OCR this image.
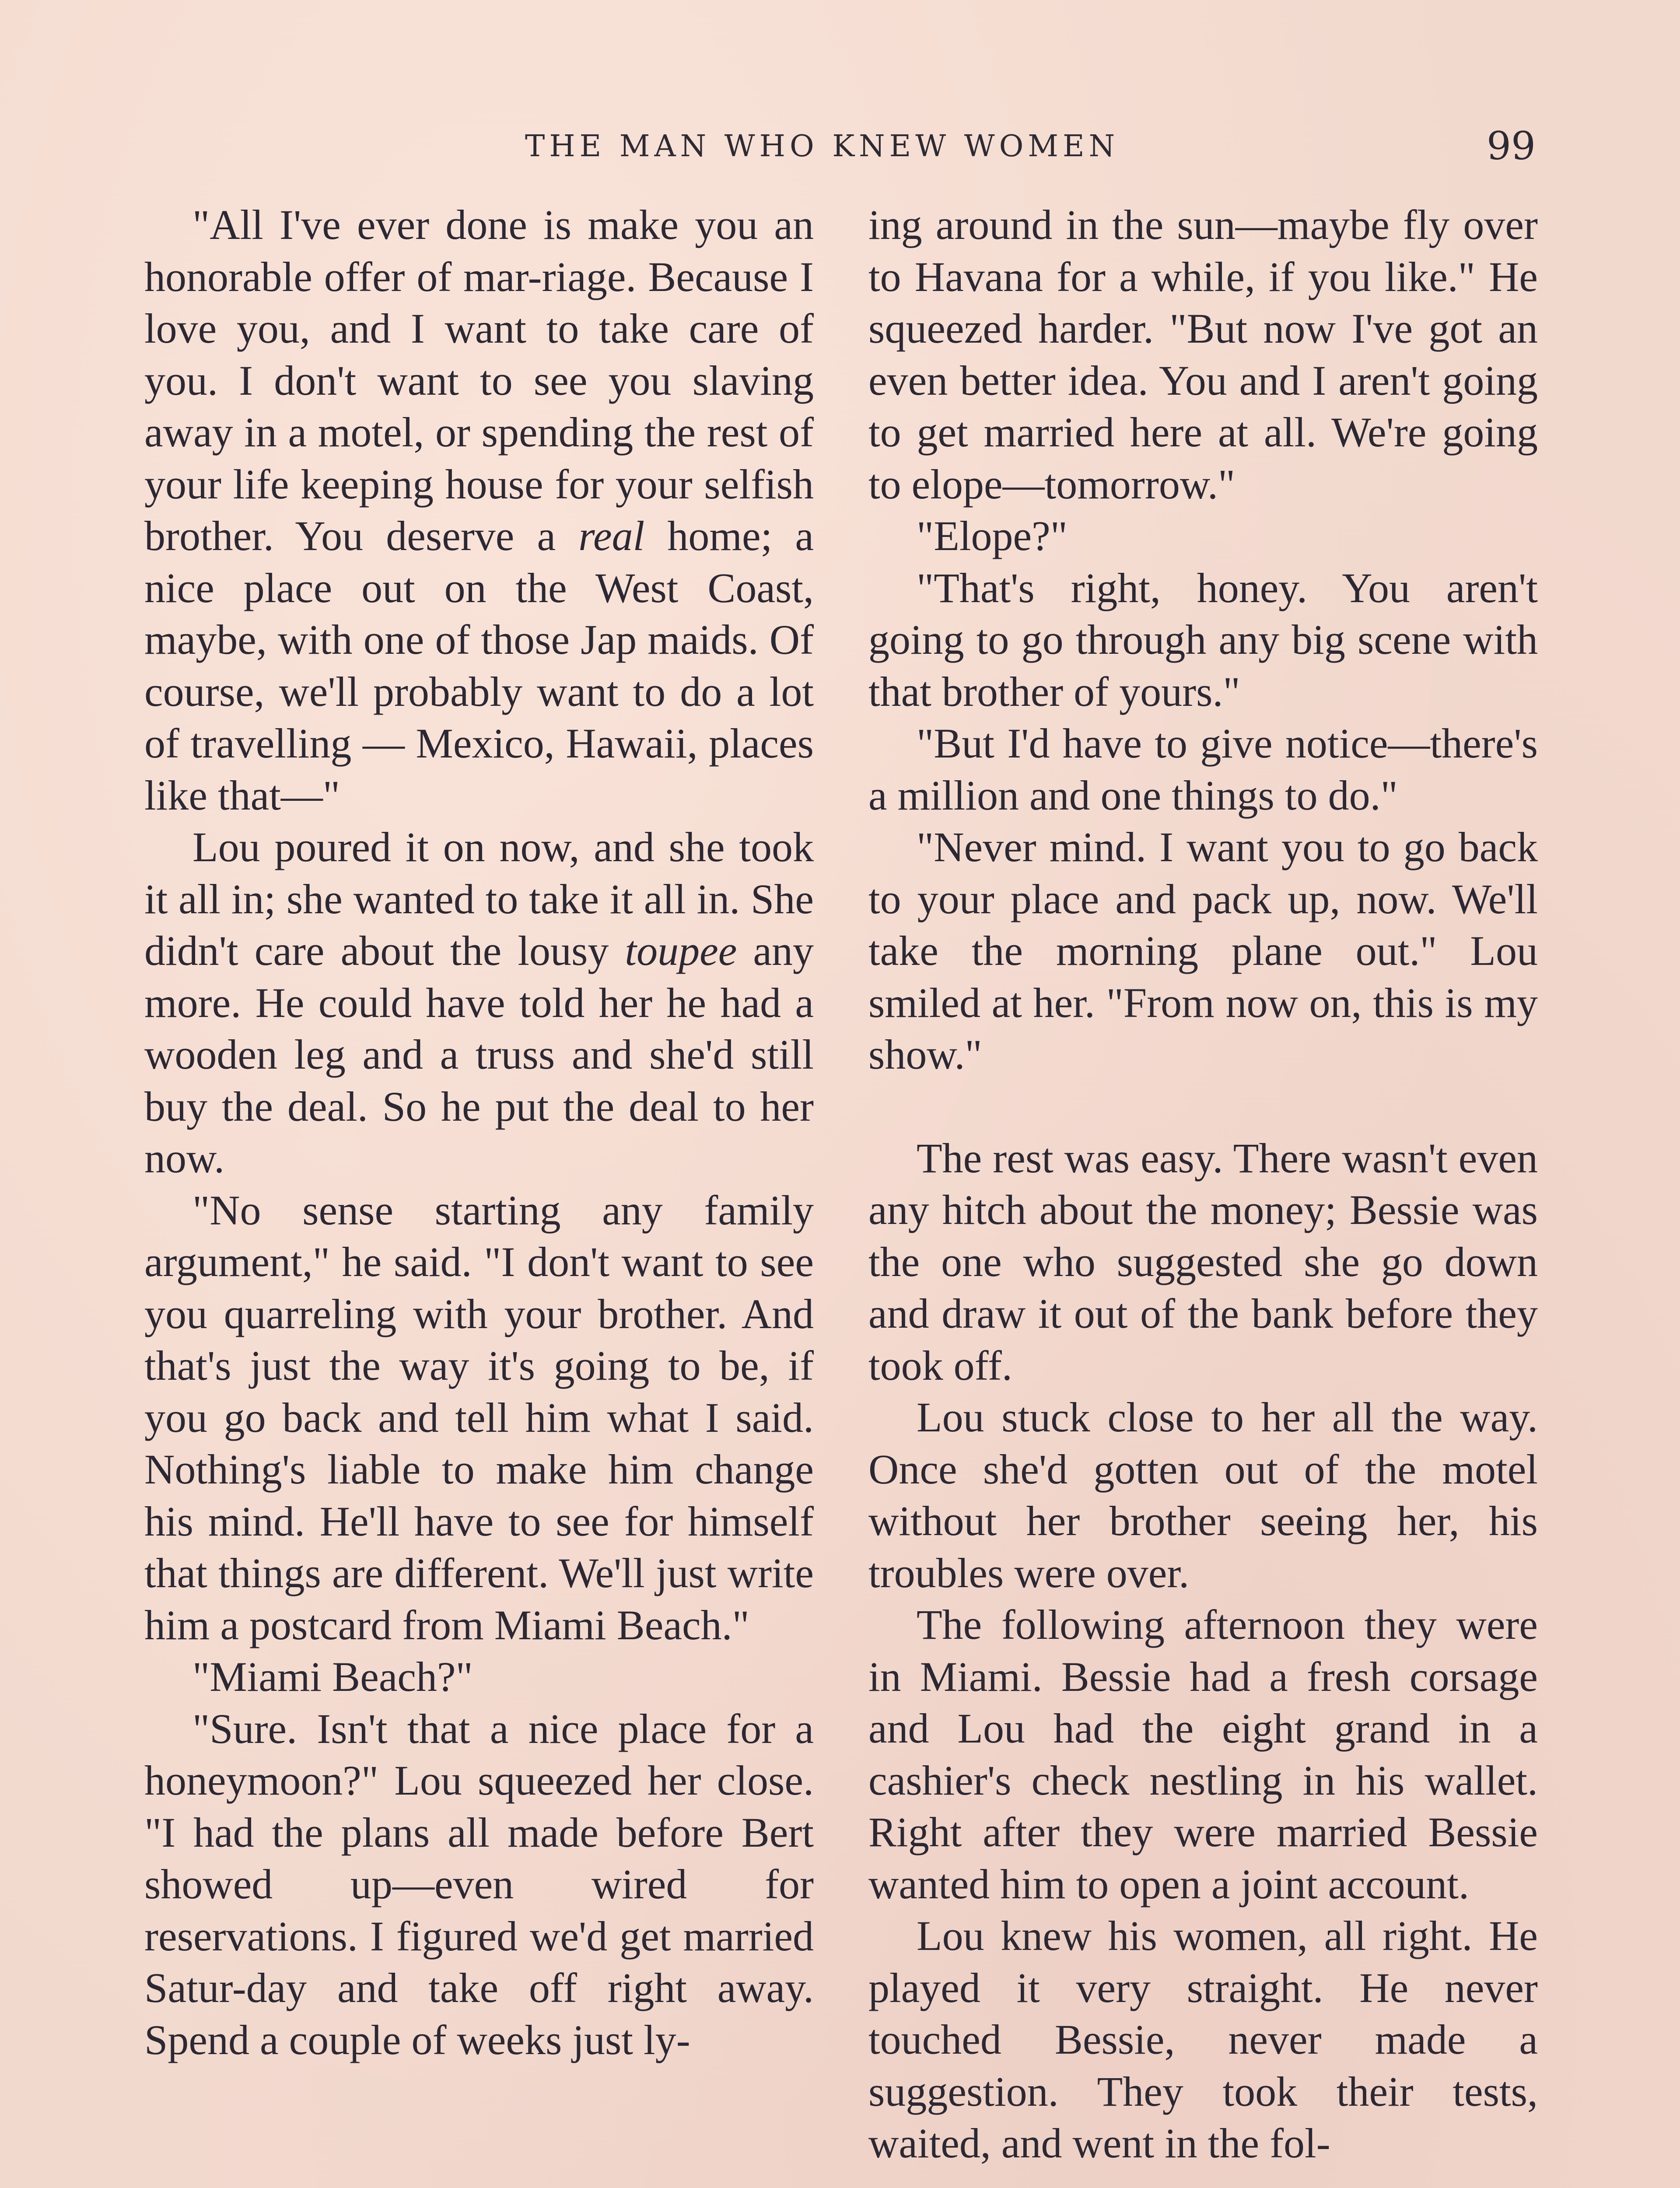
THE MAN WHO KNEW WOMEN	99

"All I've ever done is make you an honorable offer of mar-riage. Because I love you, and I want to take care of you. I don't want to see you slaving away in a motel, or spending the rest of your life keeping house for your selfish brother. You deserve a real home; a nice place out on the West Coast, maybe, with one of those Jap maids. Of course, we'll probably want to do a lot of travelling — Mexico, Hawaii, places like that—"

Lou poured it on now, and she took it all in; she wanted to take it all in. She didn't care about the lousy toupee any more. He could have told her he had a wooden leg and a truss and she'd still buy the deal. So he put the deal to her now.

"No sense starting any family argument," he said. "I don't want to see you quarreling with your brother. And that's just the way it's going to be, if you go back and tell him what I said. Nothing's liable to make him change his mind. He'll have to see for himself that things are different. We'll just write him a postcard from Miami Beach."

"Miami Beach?"

"Sure. Isn't that a nice place for a honeymoon?" Lou squeezed her close. "I had the plans all made before Bert showed up—even wired for reservations. I figured we'd get married Satur-day and take off right away. Spend a couple of weeks just ly-

ing around in the sun—maybe fly over to Havana for a while, if you like." He squeezed harder. "But now I've got an even better idea. You and I aren't going to get married here at all. We're going to elope—tomorrow."

"Elope?"

"That's right, honey. You aren't going to go through any big scene with that brother of yours."

"But I'd have to give notice—there's a million and one things to do."

"Never mind. I want you to go back to your place and pack up, now. We'll take the morning plane out." Lou smiled at her. "From now on, this is my show."

The rest was easy. There wasn't even any hitch about the money; Bessie was the one who suggested she go down and draw it out of the bank before they took off.

Lou stuck close to her all the way. Once she'd gotten out of the motel without her brother seeing her, his troubles were over.

The following afternoon they were in Miami. Bessie had a fresh corsage and Lou had the eight grand in a cashier's check nestling in his wallet. Right after they were married Bessie wanted him to open a joint account.

Lou knew his women, all right. He played it very straight. He never touched Bessie, never made a suggestion. They took their tests, waited, and went in the fol-
